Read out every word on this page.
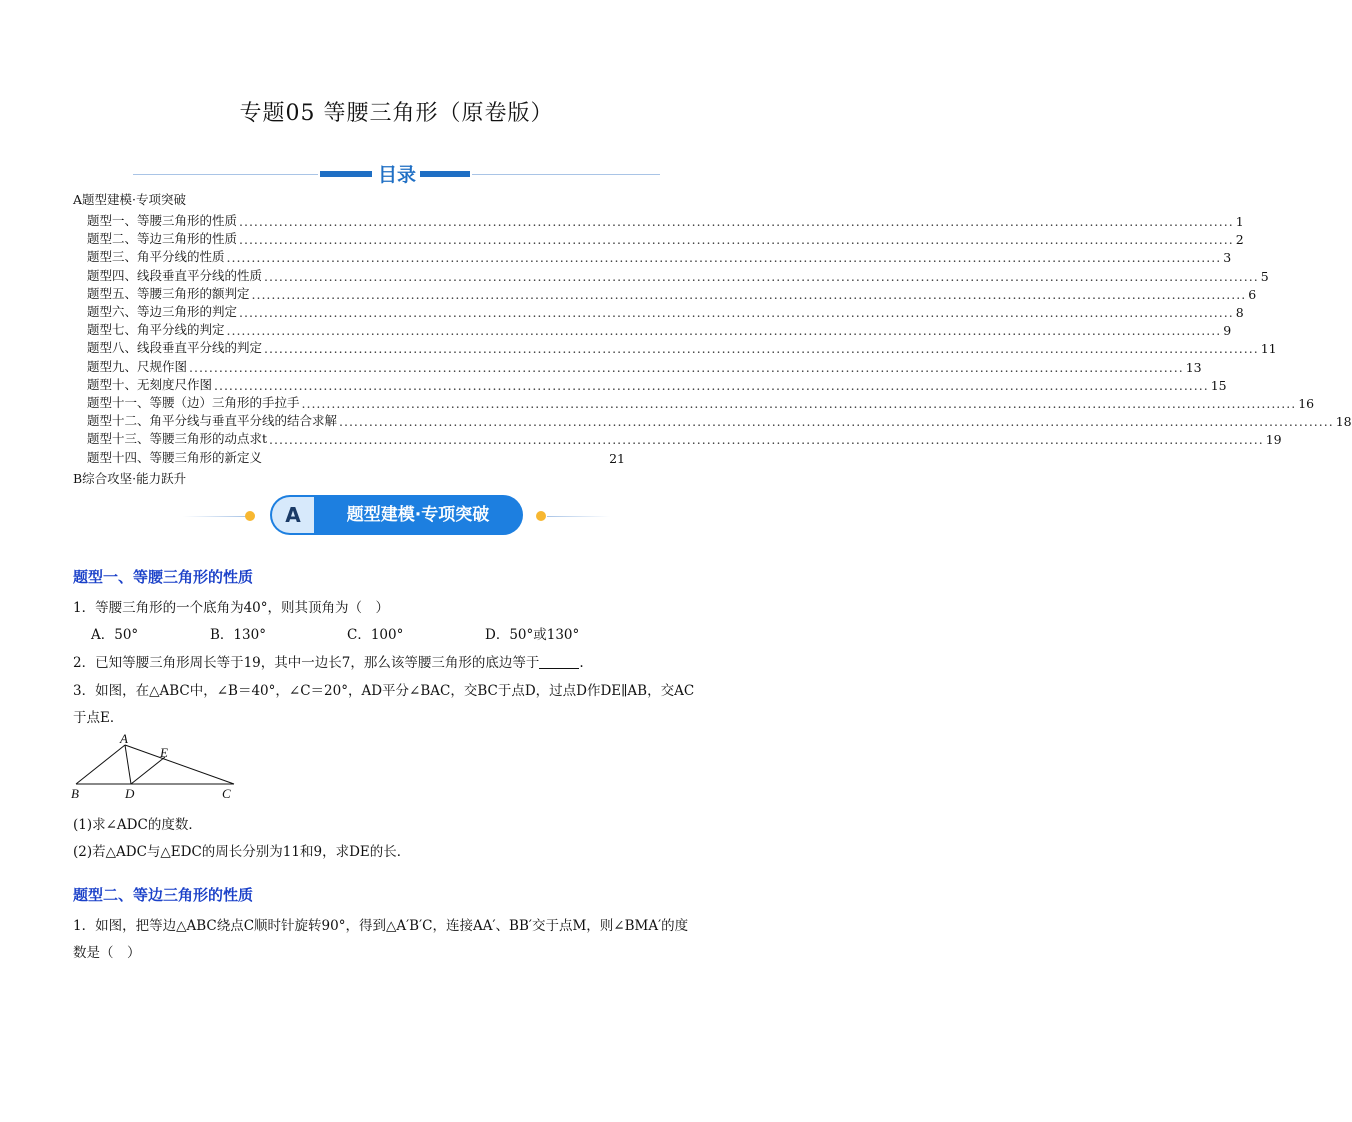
专题05 等腰三角形（原卷版）
目录
A题型建模·专项突破
题型一、等腰三角形的性质 ........................................................................................................................................................................................................ 1
题型二、等边三角形的性质 ........................................................................................................................................................................................................ 2
题型三、角平分线的性质 ........................................................................................................................................................................................................ 3
题型四、线段垂直平分线的性质 ........................................................................................................................................................................................................ 5
题型五、等腰三角形的额判定 ........................................................................................................................................................................................................ 6
题型六、等边三角形的判定 ........................................................................................................................................................................................................ 8
题型七、角平分线的判定 ........................................................................................................................................................................................................ 9
题型八、线段垂直平分线的判定 ........................................................................................................................................................................................................ 11
题型九、尺规作图 ........................................................................................................................................................................................................ 13
题型十、无刻度尺作图 ........................................................................................................................................................................................................ 15
题型十一、等腰（边）三角形的手拉手 ........................................................................................................................................................................................................ 16
题型十二、角平分线与垂直平分线的结合求解 ........................................................................................................................................................................................................ 18
题型十三、等腰三角形的动点求t ........................................................................................................................................................................................................ 19
题型十四、等腰三角形的新定义	21
B综合攻坚·能力跃升
A	题型建模·专项突破
题型一、等腰三角形的性质
1．等腰三角形的一个底角为40°，则其顶角为（　）
A．50°	B．130°	C．100°	D．50°或130°
2．已知等腰三角形周长等于19，其中一边长7，那么该等腰三角形的底边等于	.
3．如图，在△ABC中，∠B＝40°，∠C＝20°，AD平分∠BAC，交BC于点D，过点D作DE∥AB，交AC
于点E．
A
E
B	D	C
(1)求∠ADC的度数．
(2)若△ADC与△EDC的周长分别为11和9，求DE的长．
题型二、等边三角形的性质
1．如图，把等边△ABC绕点C顺时针旋转90°，得到△A′B′C，连接AA′、BB′交于点M，则∠BMA′的度
数是（　）
